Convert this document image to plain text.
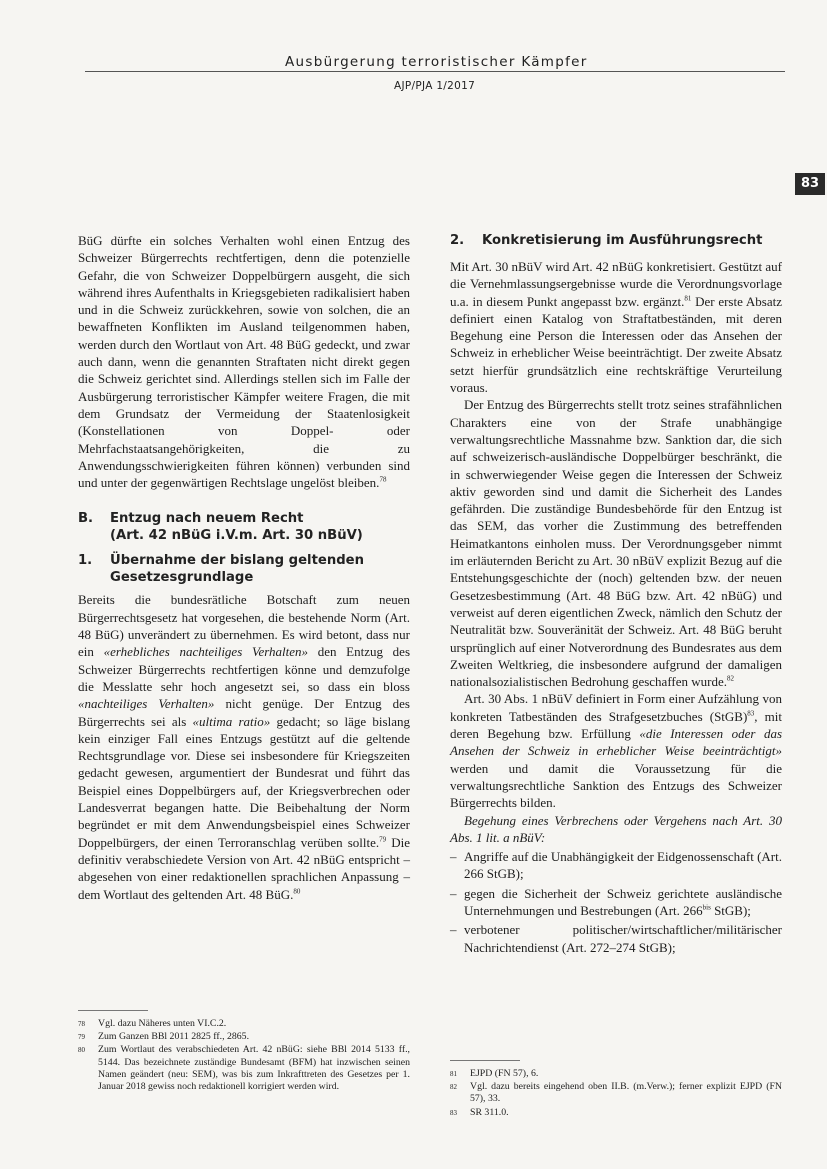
Ausbürgerung terroristischer Kämpfer
AJP/PJA 1/2017
83

BüG dürfte ein solches Verhalten wohl einen Entzug des Schweizer Bürgerrechts rechtfertigen, denn die potenzielle Gefahr, die von Schweizer Doppelbürgern ausgeht, die sich während ihres Aufenthalts in Kriegsgebieten radikalisiert haben und in die Schweiz zurückkehren, sowie von solchen, die an bewaffneten Konflikten im Ausland teilgenommen haben, werden durch den Wortlaut von Art. 48 BüG gedeckt, und zwar auch dann, wenn die genannten Straftaten nicht direkt gegen die Schweiz gerichtet sind. Allerdings stellen sich im Falle der Ausbürgerung terroristischer Kämpfer weitere Fragen, die mit dem Grundsatz der Vermeidung der Staatenlosigkeit (Konstellationen von Doppel- oder Mehrfachstaatsangehörigkeiten, die zu Anwendungsschwierigkeiten führen können) verbunden sind und unter der gegenwärtigen Rechtslage ungelöst bleiben.$^{78}$

B.	Entzug nach neuem Recht
(Art. 42 nBüG i.V.m. Art. 30 nBüV)
1.	Übernahme der bislang geltenden
Gesetzesgrundlage

Bereits die bundesrätliche Botschaft zum neuen Bürgerrechtsgesetz hat vorgesehen, die bestehende Norm (Art. 48 BüG) unverändert zu übernehmen. Es wird betont, dass nur ein «erhebliches nachteiliges Verhalten» den Entzug des Schweizer Bürgerrechts rechtfertigen könne und demzufolge die Messlatte sehr hoch angesetzt sei, so dass ein bloss «nachteiliges Verhalten» nicht genüge. Der Entzug des Bürgerrechts sei als «ultima ratio» gedacht; so läge bislang kein einziger Fall eines Entzugs gestützt auf die geltende Rechtsgrundlage vor. Diese sei insbesondere für Kriegszeiten gedacht gewesen, argumentiert der Bundesrat und führt das Beispiel eines Doppelbürgers auf, der Kriegsverbrechen oder Landesverrat begangen hatte. Die Beibehaltung der Norm begründet er mit dem Anwendungsbeispiel eines Schweizer Doppelbürgers, der einen Terroranschlag verüben sollte.$^{79}$ Die definitiv verabschiedete Version von Art. 42 nBüG entspricht – abgesehen von einer redaktionellen sprachlichen Anpassung – dem Wortlaut des geltenden Art. 48 BüG.$^{80}$

2.	Konkretisierung im Ausführungsrecht

Mit Art. 30 nBüV wird Art. 42 nBüG konkretisiert. Gestützt auf die Vernehmlassungsergebnisse wurde die Verordnungsvorlage u.a. in diesem Punkt angepasst bzw. ergänzt.$^{81}$ Der erste Absatz definiert einen Katalog von Straftatbeständen, mit deren Begehung eine Person die Interessen oder das Ansehen der Schweiz in erheblicher Weise beeinträchtigt. Der zweite Absatz setzt hierfür grundsätzlich eine rechtskräftige Verurteilung voraus.

Der Entzug des Bürgerrechts stellt trotz seines strafähnlichen Charakters eine von der Strafe unabhängige verwaltungsrechtliche Massnahme bzw. Sanktion dar, die sich auf schweizerisch-ausländische Doppelbürger beschränkt, die in schwerwiegender Weise gegen die Interessen der Schweiz aktiv geworden sind und damit die Sicherheit des Landes gefährden. Die zuständige Bundesbehörde für den Entzug ist das SEM, das vorher die Zustimmung des betreffenden Heimatkantons einholen muss. Der Verordnungsgeber nimmt im erläuternden Bericht zu Art. 30 nBüV explizit Bezug auf die Entstehungsgeschichte der (noch) geltenden bzw. der neuen Gesetzesbestimmung (Art. 48 BüG bzw. Art. 42 nBüG) und verweist auf deren eigentlichen Zweck, nämlich den Schutz der Neutralität bzw. Souveränität der Schweiz. Art. 48 BüG beruht ursprünglich auf einer Notverordnung des Bundesrates aus dem Zweiten Weltkrieg, die insbesondere aufgrund der damaligen nationalsozialistischen Bedrohung geschaffen wurde.$^{82}$

Art. 30 Abs. 1 nBüV definiert in Form einer Aufzählung von konkreten Tatbeständen des Strafgesetzbuches (StGB)$^{83}$, mit deren Begehung bzw. Erfüllung «die Interessen oder das Ansehen der Schweiz in erheblicher Weise beeinträchtigt» werden und damit die Voraussetzung für die verwaltungsrechtliche Sanktion des Entzugs des Schweizer Bürgerrechts bilden.

Begehung eines Verbrechens oder Vergehens nach Art. 30 Abs. 1 lit. a nBüV:

– Angriffe auf die Unabhängigkeit der Eidgenossenschaft (Art. 266 StGB);
– gegen die Sicherheit der Schweiz gerichtete ausländische Unternehmungen und Bestrebungen (Art. $266^{bis}$ StGB);
– verbotener politischer/wirtschaftlicher/militärischer Nachrichtendienst (Art. 272–274 StGB);
78	Vgl. dazu Näheres unten VI.C.2.
79	Zum Ganzen BBl 2011 2825 ff., 2865.
80	Zum Wortlaut des verabschiedeten Art. 42 nBüG: siehe BBl 2014 5133 ff., 5144. Das bezeichnete zuständige Bundesamt (BFM) hat inzwischen seinen Namen geändert (neu: SEM), was bis zum Inkrafttreten des Gesetzes per 1. Januar 2018 gewiss noch redaktionell korrigiert werden wird.
81	EJPD (FN 57), 6.
82	Vgl. dazu bereits eingehend oben II.B. (m.Verw.); ferner explizit EJPD (FN 57), 33.
83	SR 311.0.
